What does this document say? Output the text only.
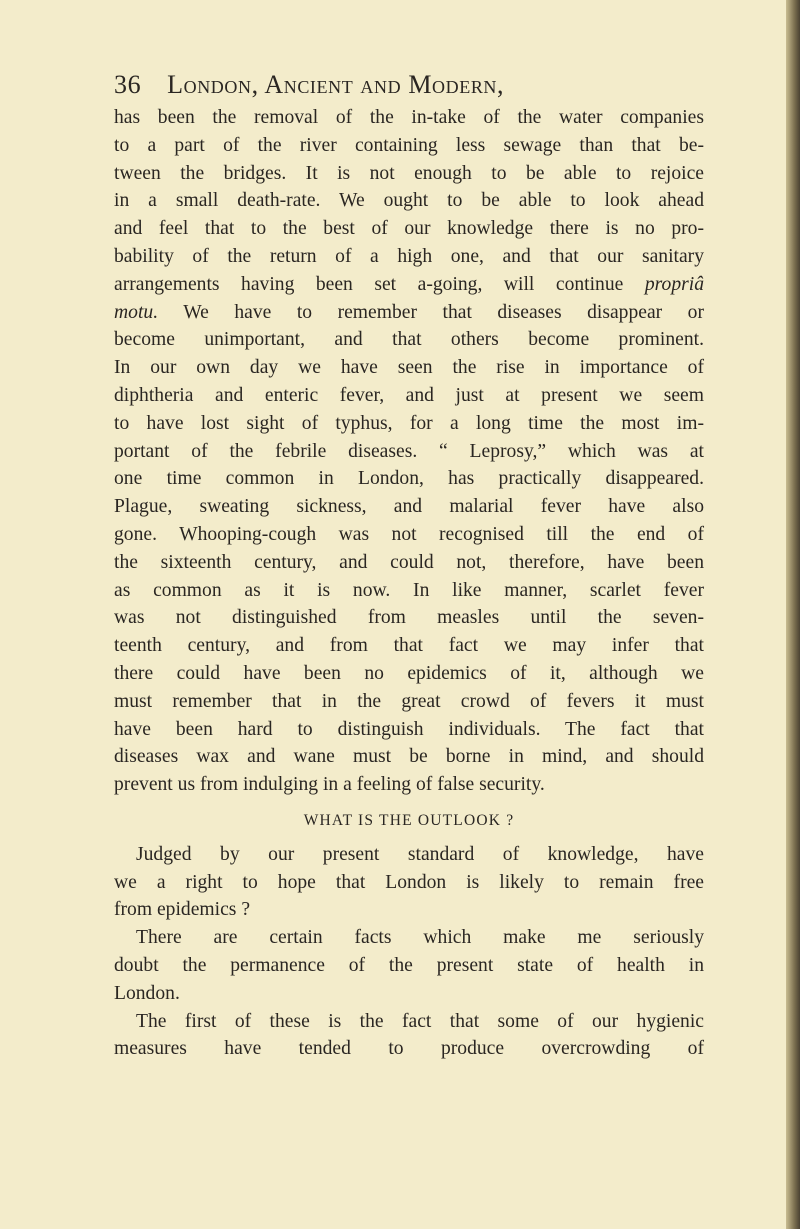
36 London, Ancient and Modern,
has been the removal of the in-take of the water companies
to a part of the river containing less sewage than that be-
tween the bridges. It is not enough to be able to rejoice
in a small death-rate. We ought to be able to look ahead
and feel that to the best of our knowledge there is no pro-
bability of the return of a high one, and that our sanitary
arrangements having been set a-going, will continue propriâ
motu. We have to remember that diseases disappear or
become unimportant, and that others become prominent.
In our own day we have seen the rise in importance of
diphtheria and enteric fever, and just at present we seem
to have lost sight of typhus, for a long time the most im-
portant of the febrile diseases. “ Leprosy,” which was at
one time common in London, has practically disappeared.
Plague, sweating sickness, and malarial fever have also
gone. Whooping-cough was not recognised till the end of
the sixteenth century, and could not, therefore, have been
as common as it is now. In like manner, scarlet fever
was not distinguished from measles until the seven-
teenth century, and from that fact we may infer that
there could have been no epidemics of it, although we
must remember that in the great crowd of fevers it must
have been hard to distinguish individuals. The fact that
diseases wax and wane must be borne in mind, and should
prevent us from indulging in a feeling of false security.
WHAT IS THE OUTLOOK ?
Judged by our present standard of knowledge, have
we a right to hope that London is likely to remain free
from epidemics ?
There are certain facts which make me seriously
doubt the permanence of the present state of health in
London.
The first of these is the fact that some of our hygienic
measures have tended to produce overcrowding of
